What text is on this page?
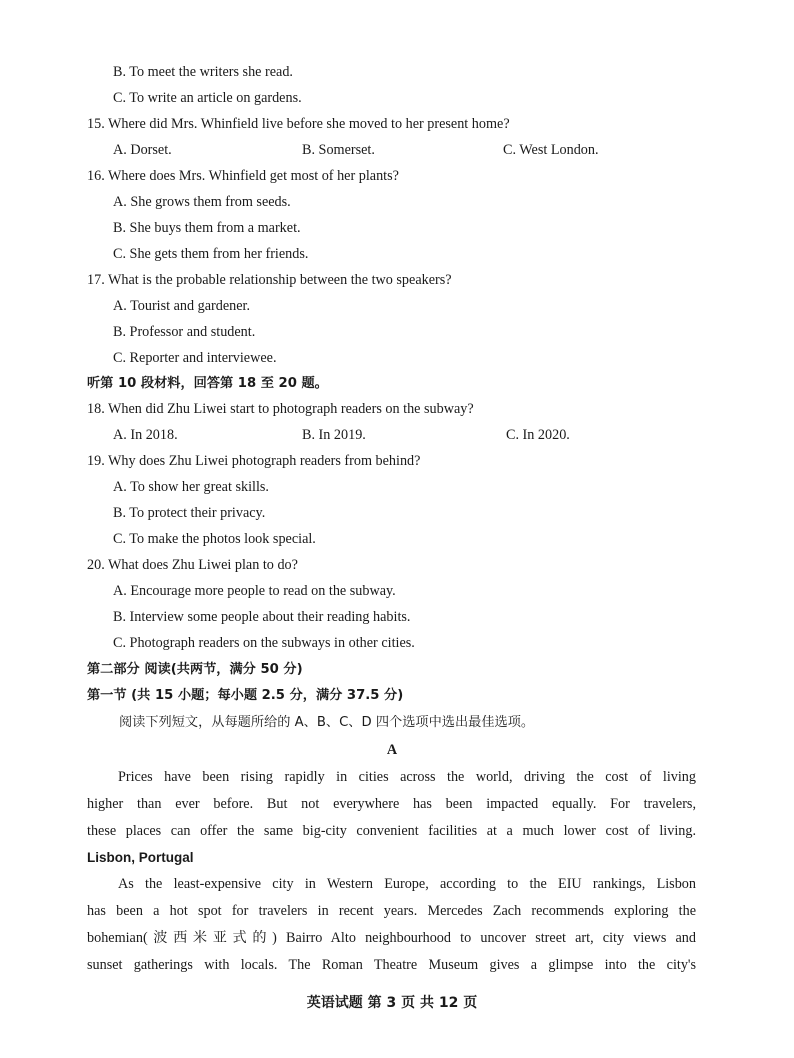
B. To meet the writers she read.
C. To write an article on gardens.
15. Where did Mrs. Whinfield live before she moved to her present home?
A. Dorset.	B. Somerset.	C. West London.
16. Where does Mrs. Whinfield get most of her plants?
A. She grows them from seeds.
B. She buys them from a market.
C. She gets them from her friends.
17. What is the probable relationship between the two speakers?
A. Tourist and gardener.
B. Professor and student.
C. Reporter and interviewee.
听第 10 段材料，回答第 18 至 20 题。
18. When did Zhu Liwei start to photograph readers on the subway?
A. In 2018.	B. In 2019.	C. In 2020.
19. Why does Zhu Liwei photograph readers from behind?
A. To show her great skills.
B. To protect their privacy.
C. To make the photos look special.
20. What does Zhu Liwei plan to do?
A. Encourage more people to read on the subway.
B. Interview some people about their reading habits.
C. Photograph readers on the subways in other cities.
第二部分 阅读(共两节，满分 50 分)
第一节 (共 15 小题；每小题 2.5 分，满分 37.5 分)
阅读下列短文，从每题所给的 A、B、C、D 四个选项中选出最佳选项。
A
Prices have been rising rapidly in cities across the world, driving the cost of living
higher than ever before. But not everywhere has been impacted equally. For travelers,
these places can offer the same big-city convenient facilities at a much lower cost of living.
Lisbon, Portugal
As the least-expensive city in Western Europe, according to the EIU rankings, Lisbon
has been a hot spot for travelers in recent years. Mercedes Zach recommends exploring the
bohemian(波西米亚式的) Bairro Alto neighbourhood to uncover street art, city views and
sunset gatherings with locals. The Roman Theatre Museum gives a glimpse into the city's
英语试题 第 3 页 共 12 页
